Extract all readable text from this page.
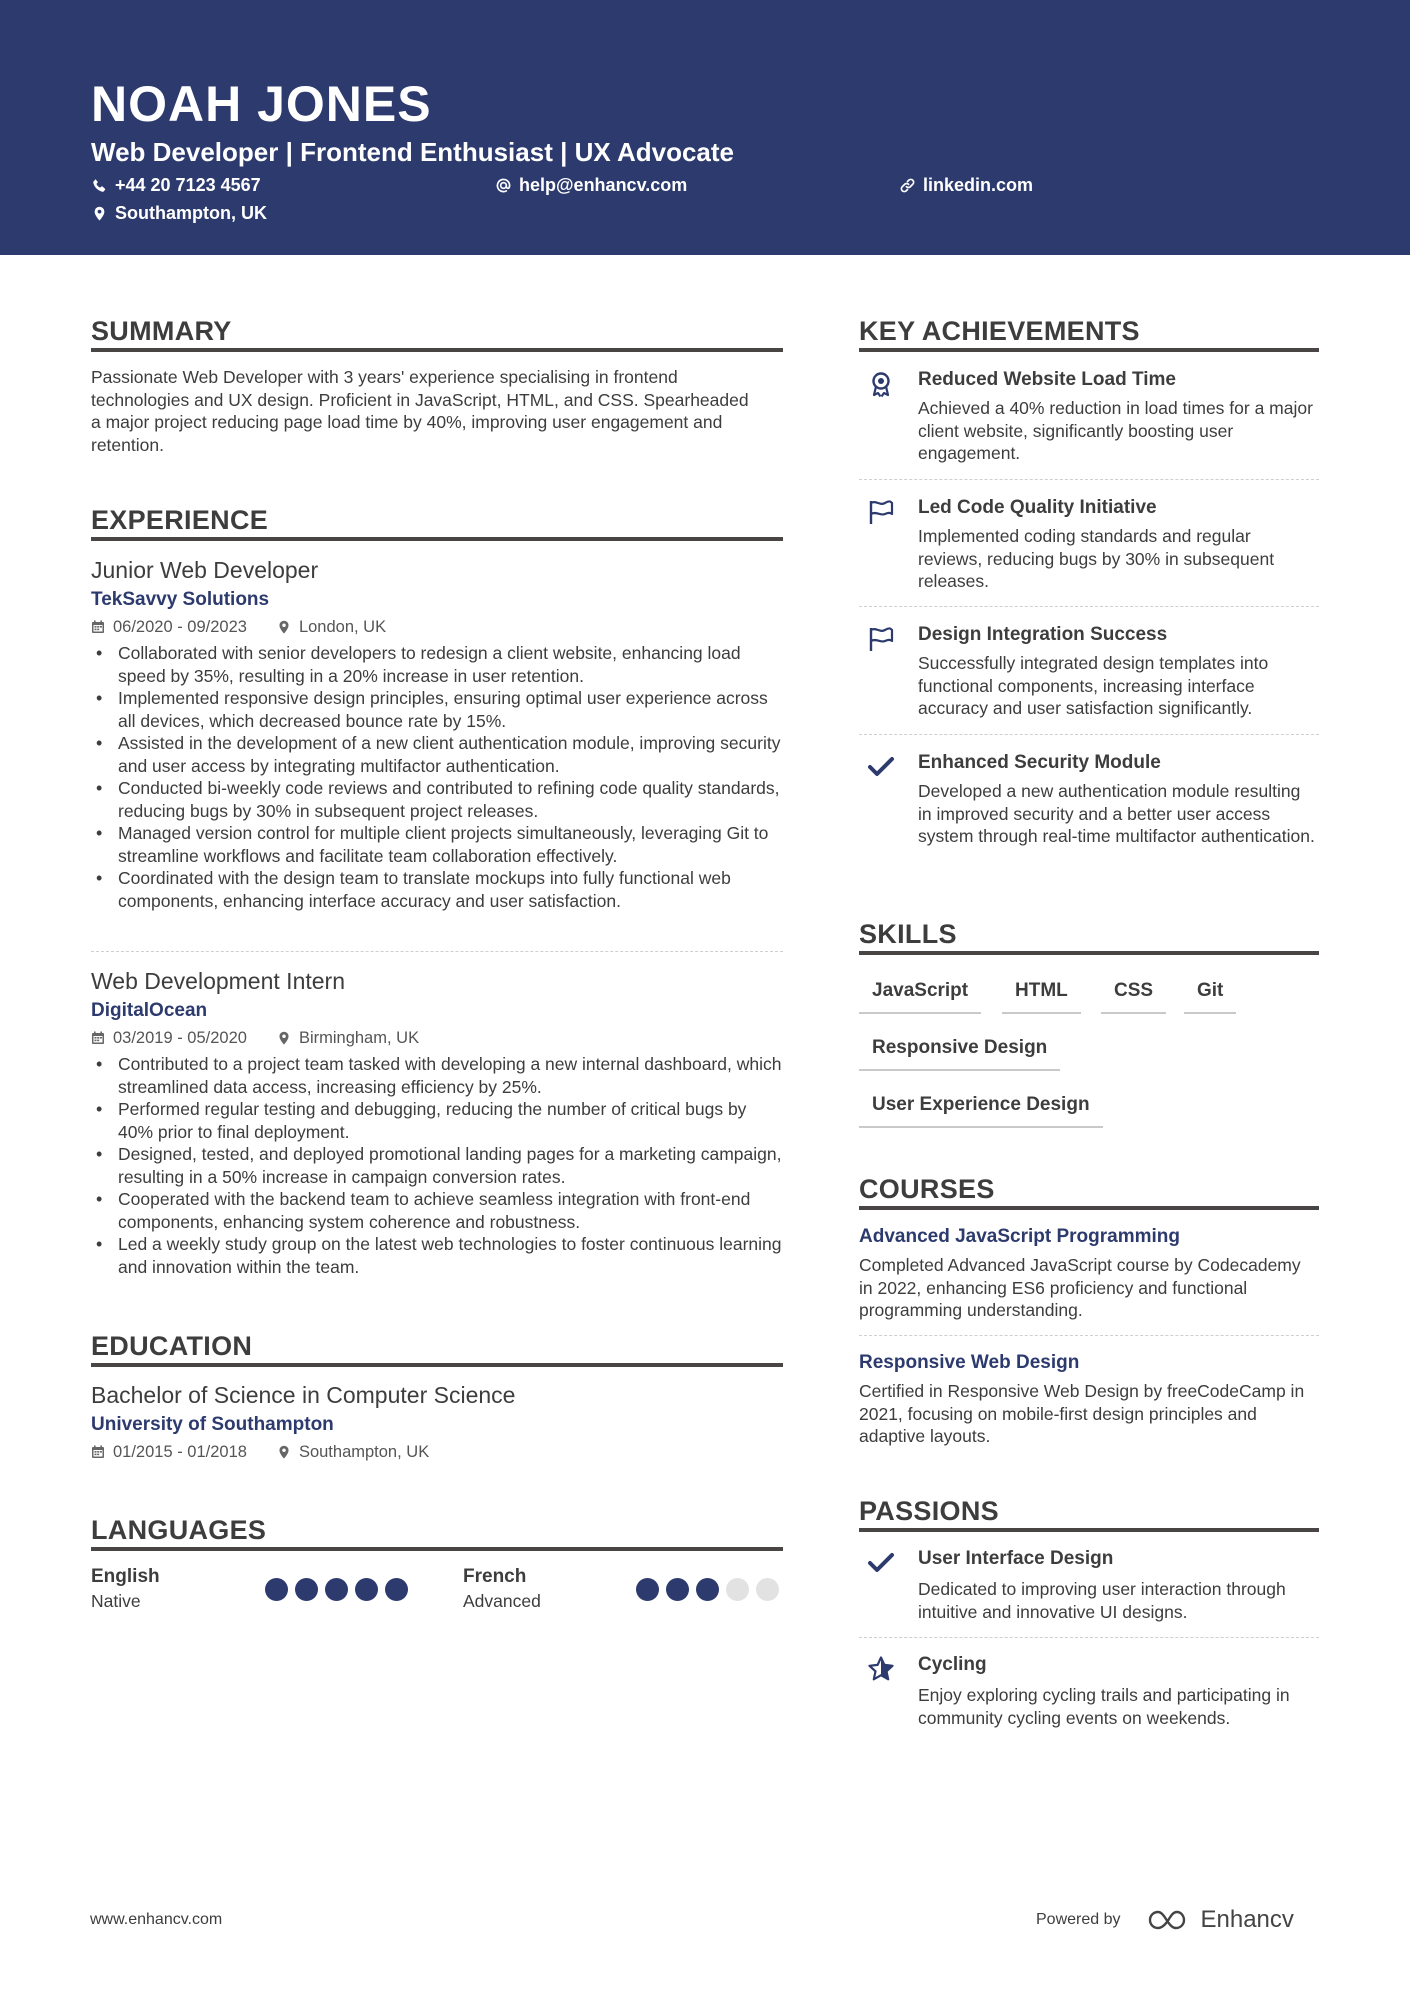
NOAH JONES
Web Developer | Frontend Enthusiast | UX Advocate
+44 20 7123 4567	help@enhancv.com	linkedin.com
Southampton, UK
SUMMARY
Passionate Web Developer with 3 years' experience specialising in frontend technologies and UX design. Proficient in JavaScript, HTML, and CSS. Spearheaded a major project reducing page load time by 40%, improving user engagement and retention.
EXPERIENCE
Junior Web Developer
TekSavvy Solutions
06/2020 - 09/2023	London, UK
• Collaborated with senior developers to redesign a client website, enhancing load speed by 35%, resulting in a 20% increase in user retention.
• Implemented responsive design principles, ensuring optimal user experience across all devices, which decreased bounce rate by 15%.
• Assisted in the development of a new client authentication module, improving security and user access by integrating multifactor authentication.
• Conducted bi-weekly code reviews and contributed to refining code quality standards, reducing bugs by 30% in subsequent project releases.
• Managed version control for multiple client projects simultaneously, leveraging Git to streamline workflows and facilitate team collaboration effectively.
• Coordinated with the design team to translate mockups into fully functional web components, enhancing interface accuracy and user satisfaction.
Web Development Intern
DigitalOcean
03/2019 - 05/2020	Birmingham, UK
• Contributed to a project team tasked with developing a new internal dashboard, which streamlined data access, increasing efficiency by 25%.
• Performed regular testing and debugging, reducing the number of critical bugs by 40% prior to final deployment.
• Designed, tested, and deployed promotional landing pages for a marketing campaign, resulting in a 50% increase in campaign conversion rates.
• Cooperated with the backend team to achieve seamless integration with front-end components, enhancing system coherence and robustness.
• Led a weekly study group on the latest web technologies to foster continuous learning and innovation within the team.
EDUCATION
Bachelor of Science in Computer Science
University of Southampton
01/2015 - 01/2018	Southampton, UK
LANGUAGES
English
Native
French
Advanced
KEY ACHIEVEMENTS
Reduced Website Load Time
Achieved a 40% reduction in load times for a major client website, significantly boosting user engagement.
Led Code Quality Initiative
Implemented coding standards and regular reviews, reducing bugs by 30% in subsequent releases.
Design Integration Success
Successfully integrated design templates into functional components, increasing interface accuracy and user satisfaction significantly.
Enhanced Security Module
Developed a new authentication module resulting in improved security and a better user access system through real-time multifactor authentication.
SKILLS
JavaScript	HTML	CSS	Git
Responsive Design
User Experience Design
COURSES
Advanced JavaScript Programming
Completed Advanced JavaScript course by Codecademy in 2022, enhancing ES6 proficiency and functional programming understanding.
Responsive Web Design
Certified in Responsive Web Design by freeCodeCamp in 2021, focusing on mobile-first design principles and adaptive layouts.
PASSIONS
User Interface Design
Dedicated to improving user interaction through intuitive and innovative UI designs.
Cycling
Enjoy exploring cycling trails and participating in community cycling events on weekends.
www.enhancv.com	Powered by	Enhancv
